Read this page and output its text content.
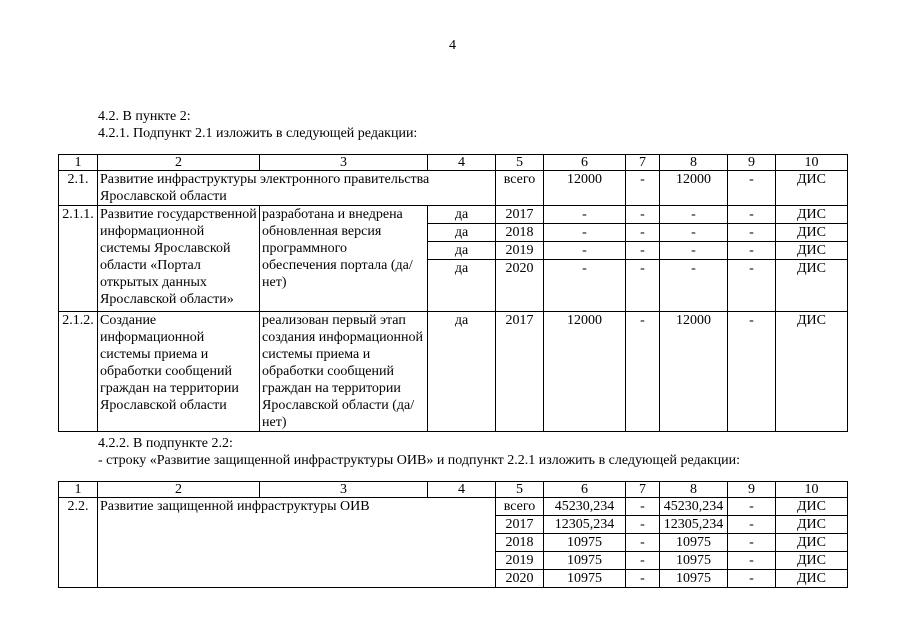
4
4.2. В пункте 2:
4.2.1. Подпункт 2.1 изложить в следующей редакции:
1	2	3	4	5	6	7	8	9	10
2.1.	Развитие инфраструктуры электронного правительства Ярославской области			всего	12000	-	12000	-	ДИС
2.1.1.	Развитие государственной информационной системы Ярославской области «Портал открытых данных Ярославской области»	разработана и внедрена обновленная версия программного обеспечения портала (да/нет)	да	2017	-	-	-	-	ДИС
			да	2018	-	-	-	-	ДИС
			да	2019	-	-	-	-	ДИС
			да	2020	-	-	-	-	ДИС
2.1.2.	Создание информационной системы приема и обработки сообщений граждан на территории Ярославской области	реализован первый этап создания информационной системы приема и обработки сообщений граждан на территории Ярославской области (да/нет)	да	2017	12000	-	12000	-	ДИС
4.2.2. В подпункте 2.2:
- строку «Развитие защищенной инфраструктуры ОИВ» и подпункт 2.2.1 изложить в следующей редакции:
1	2	3	4	5	6	7	8	9	10
2.2.	Развитие защищенной инфраструктуры ОИВ			всего	45230,234	-	45230,234	-	ДИС
				2017	12305,234	-	12305,234	-	ДИС
				2018	10975	-	10975	-	ДИС
				2019	10975	-	10975	-	ДИС
				2020	10975	-	10975	-	ДИС
